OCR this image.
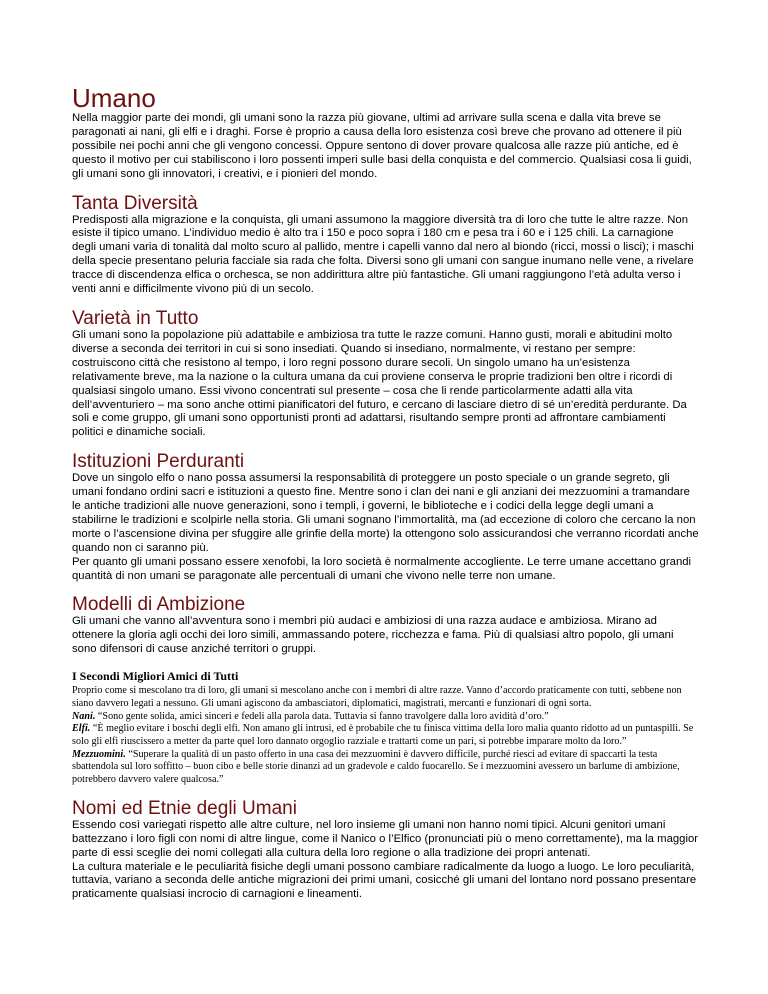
Umano

Nella maggior parte dei mondi, gli umani sono la razza più giovane, ultimi ad arrivare sulla scena e dalla vita breve se paragonati ai nani, gli elfi e i draghi. Forse è proprio a causa della loro esistenza così breve che provano ad ottenere il più possibile nei pochi anni che gli vengono concessi. Oppure sentono di dover provare qualcosa alle razze più antiche, ed è questo il motivo per cui stabiliscono i loro possenti imperi sulle basi della conquista e del commercio. Qualsiasi cosa li guidi, gli umani sono gli innovatori, i creativi, e i pionieri del mondo.

Tanta Diversità

Predisposti alla migrazione e la conquista, gli umani assumono la maggiore diversità tra di loro che tutte le altre razze. Non esiste il tipico umano. L’individuo medio è alto tra i 150 e poco sopra i 180 cm e pesa tra i 60 e i 125 chili. La carnagione degli umani varia di tonalità dal molto scuro al pallido, mentre i capelli vanno dal nero al biondo (ricci, mossi o lisci); i maschi della specie presentano peluria facciale sia rada che folta. Diversi sono gli umani con sangue inumano nelle vene, a rivelare tracce di discendenza elfica o orchesca, se non addirittura altre più fantastiche. Gli umani raggiungono l’età adulta verso i venti anni e difficilmente vivono più di un secolo.

Varietà in Tutto

Gli umani sono la popolazione più adattabile e ambiziosa tra tutte le razze comuni. Hanno gusti, morali e abitudini molto diverse a seconda dei territori in cui si sono insediati. Quando si insediano, normalmente, vi restano per sempre: costruiscono città che resistono al tempo, i loro regni possono durare secoli. Un singolo umano ha un’esistenza relativamente breve, ma la nazione o la cultura umana da cui proviene conserva le proprie tradizioni ben oltre i ricordi di qualsiasi singolo umano. Essi vivono concentrati sul presente – cosa che li rende particolarmente adatti alla vita dell’avventuriero – ma sono anche ottimi pianificatori del futuro, e cercano di lasciare dietro di sé un’eredità perdurante. Da soli e come gruppo, gli umani sono opportunisti pronti ad adattarsi, risultando sempre pronti ad affrontare cambiamenti politici e dinamiche sociali.

Istituzioni Perduranti

Dove un singolo elfo o nano possa assumersi la responsabilità di proteggere un posto speciale o un grande segreto, gli umani fondano ordini sacri e istituzioni a questo fine. Mentre sono i clan dei nani e gli anziani dei mezzuomini a tramandare le antiche tradizioni alle nuove generazioni, sono i templi, i governi, le biblioteche e i codici della legge degli umani a stabilirne le tradizioni e scolpirle nella storia. Gli umani sognano l’immortalità, ma (ad eccezione di coloro che cercano la non morte o l’ascensione divina per sfuggire alle grinfie della morte) la ottengono solo assicurandosi che verranno ricordati anche quando non ci saranno più.

Per quanto gli umani possano essere xenofobi, la loro società è normalmente accogliente. Le terre umane accettano grandi quantità di non umani se paragonate alle percentuali di umani che vivono nelle terre non umane.

Modelli di Ambizione

Gli umani che vanno all’avventura sono i membri più audaci e ambiziosi di una razza audace e ambiziosa. Mirano ad ottenere la gloria agli occhi dei loro simili, ammassando potere, ricchezza e fama. Più di qualsiasi altro popolo, gli umani sono difensori di cause anziché territori o gruppi.

I Secondi Migliori Amici di Tutti

Proprio come si mescolano tra di loro, gli umani si mescolano anche con i membri di altre razze. Vanno d’accordo praticamente con tutti, sebbene non siano davvero legati a nessuno. Gli umani agiscono da ambasciatori, diplomatici, magistrati, mercanti e funzionari di ogni sorta.

Nani. “Sono gente solida, amici sinceri e fedeli alla parola data. Tuttavia si fanno travolgere dalla loro avidità d’oro.”

Elfi. “È meglio evitare i boschi degli elfi. Non amano gli intrusi, ed è probabile che tu finisca vittima della loro malia quanto ridotto ad un puntaspilli. Se solo gli elfi riuscissero a metter da parte quel loro dannato orgoglio razziale e trattarti come un pari, si potrebbe imparare molto da loro.”

Mezzuomini. “Superare la qualità di un pasto offerto in una casa dei mezzuomini è davvero difficile, purché riesci ad evitare di spaccarti la testa sbattendola sul loro soffitto – buon cibo e belle storie dinanzi ad un gradevole e caldo fuocarello. Se i mezzuomini avessero un barlume di ambizione, potrebbero davvero valere qualcosa.”

Nomi ed Etnie degli Umani

Essendo così variegati rispetto alle altre culture, nel loro insieme gli umani non hanno nomi tipici. Alcuni genitori umani battezzano i loro figli con nomi di altre lingue, come il Nanico o l’Elfico (pronunciati più o meno correttamente), ma la maggior parte di essi sceglie dei nomi collegati alla cultura della loro regione o alla tradizione dei propri antenati.

La cultura materiale e le peculiarità fisiche degli umani possono cambiare radicalmente da luogo a luogo. Le loro peculiarità, tuttavia, variano a seconda delle antiche migrazioni dei primi umani, cosicché gli umani del lontano nord possano presentare praticamente qualsiasi incrocio di carnagioni e lineamenti.
